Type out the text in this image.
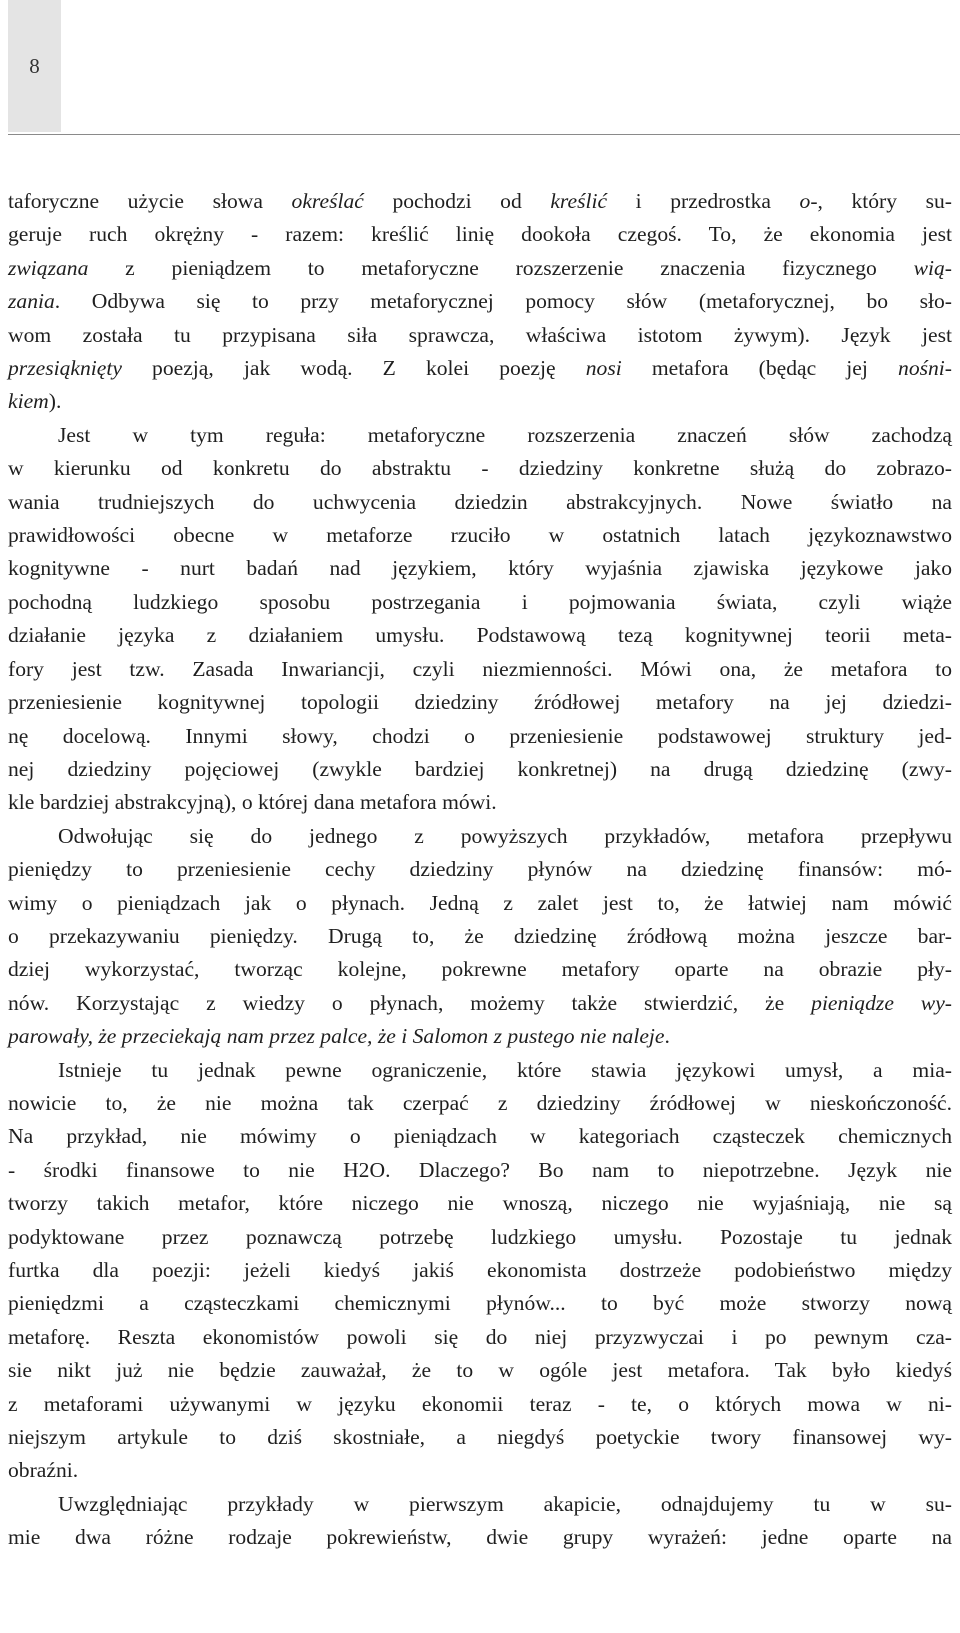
8
taforyczne użycie słowa określać pochodzi od kreślić i przedrostka o-, który su-
geruje ruch okrężny - razem: kreślić linię dookoła czegoś. To, że ekonomia jest
związana z pieniądzem to metaforyczne rozszerzenie znaczenia fizycznego wią-
zania. Odbywa się to przy metaforycznej pomocy słów (metaforycznej, bo sło-
wom została tu przypisana siła sprawcza, właściwa istotom żywym). Język jest
przesiąknięty poezją, jak wodą. Z kolei poezję nosi metafora (będąc jej nośni-
kiem).
Jest w tym reguła: metaforyczne rozszerzenia znaczeń słów zachodzą
w kierunku od konkretu do abstraktu - dziedziny konkretne służą do zobrazo-
wania trudniejszych do uchwycenia dziedzin abstrakcyjnych. Nowe światło na
prawidłowości obecne w metaforze rzuciło w ostatnich latach językoznawstwo
kognitywne - nurt badań nad językiem, który wyjaśnia zjawiska językowe jako
pochodną ludzkiego sposobu postrzegania i pojmowania świata, czyli wiąże
działanie języka z działaniem umysłu. Podstawową tezą kognitywnej teorii meta-
fory jest tzw. Zasada Inwariancji, czyli niezmienności. Mówi ona, że metafora to
przeniesienie kognitywnej topologii dziedziny źródłowej metafory na jej dziedzi-
nę docelową. Innymi słowy, chodzi o przeniesienie podstawowej struktury jed-
nej dziedziny pojęciowej (zwykle bardziej konkretnej) na drugą dziedzinę (zwy-
kle bardziej abstrakcyjną), o której dana metafora mówi.
Odwołując się do jednego z powyższych przykładów, metafora przepływu
pieniędzy to przeniesienie cechy dziedziny płynów na dziedzinę finansów: mó-
wimy o pieniądzach jak o płynach. Jedną z zalet jest to, że łatwiej nam mówić
o przekazywaniu pieniędzy. Drugą to, że dziedzinę źródłową można jeszcze bar-
dziej wykorzystać, tworząc kolejne, pokrewne metafory oparte na obrazie pły-
nów. Korzystając z wiedzy o płynach, możemy także stwierdzić, że pieniądze wy-
parowały, że przeciekają nam przez palce, że i Salomon z pustego nie naleje.
Istnieje tu jednak pewne ograniczenie, które stawia językowi umysł, a mia-
nowicie to, że nie można tak czerpać z dziedziny źródłowej w nieskończoność.
Na przykład, nie mówimy o pieniądzach w kategoriach cząsteczek chemicznych
- środki finansowe to nie H2O. Dlaczego? Bo nam to niepotrzebne. Język nie
tworzy takich metafor, które niczego nie wnoszą, niczego nie wyjaśniają, nie są
podyktowane przez poznawczą potrzebę ludzkiego umysłu. Pozostaje tu jednak
furtka dla poezji: jeżeli kiedyś jakiś ekonomista dostrzeże podobieństwo między
pieniędzmi a cząsteczkami chemicznymi płynów... to być może stworzy nową
metaforę. Reszta ekonomistów powoli się do niej przyzwyczai i po pewnym cza-
sie nikt już nie będzie zauważał, że to w ogóle jest metafora. Tak było kiedyś
z metaforami używanymi w języku ekonomii teraz - te, o których mowa w ni-
niejszym artykule to dziś skostniałe, a niegdyś poetyckie twory finansowej wy-
obraźni.
Uwzględniając przykłady w pierwszym akapicie, odnajdujemy tu w su-
mie dwa różne rodzaje pokrewieństw, dwie grupy wyrażeń: jedne oparte na
